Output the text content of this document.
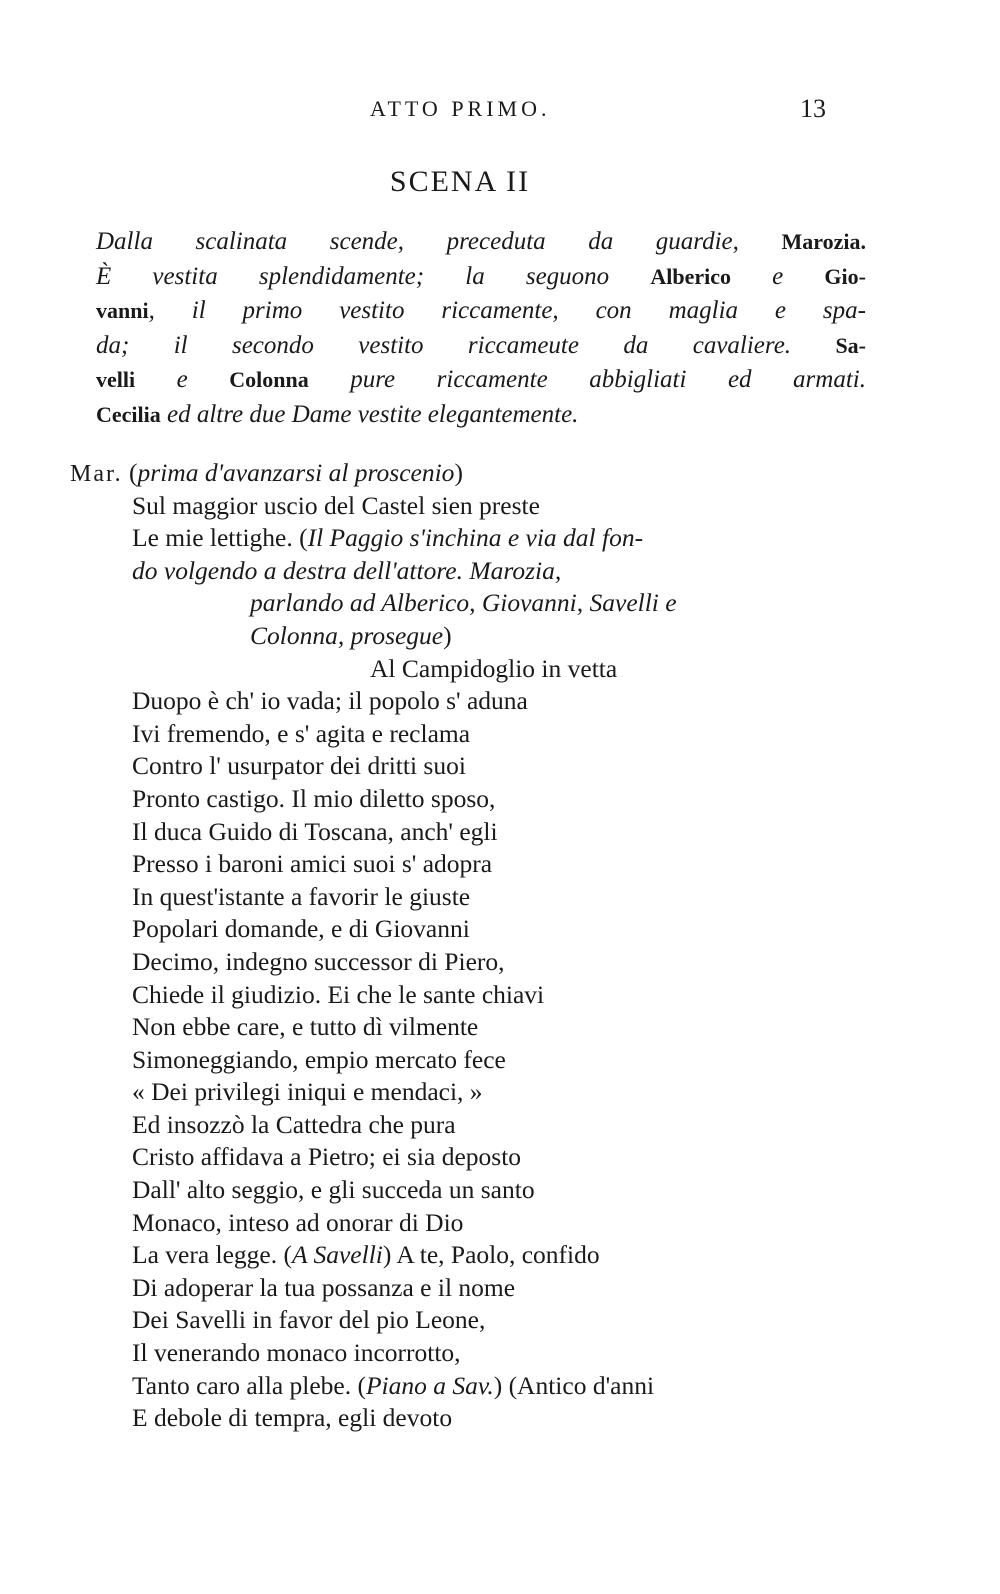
ATTO PRIMO.	13
SCENA II
Dalla scalinata scende, preceduta da guardie, Marozia.
È vestita splendidamente; la seguono Alberico e Gio-
vanni, il primo vestito riccamente, con maglia e spa-
da; il secondo vestito riccameute da cavaliere. Sa-
velli e Colonna pure riccamente abbigliati ed armati.
Cecilia ed altre due Dame vestite elegantemente.
Mar. (prima d'avanzarsi al proscenio)
Sul maggior uscio del Castel sien preste
Le mie lettighe. (Il Paggio s'inchina e via dal fon-
do volgendo a destra dell'attore. Marozia,
parlando ad Alberico, Giovanni, Savelli e
Colonna, prosegue)
Al Campidoglio in vetta
Duopo è ch' io vada; il popolo s' aduna
Ivi fremendo, e s' agita e reclama
Contro l' usurpator dei dritti suoi
Pronto castigo. Il mio diletto sposo,
Il duca Guido di Toscana, anch' egli
Presso i baroni amici suoi s' adopra
In quest'istante a favorir le giuste
Popolari domande, e di Giovanni
Decimo, indegno successor di Piero,
Chiede il giudizio. Ei che le sante chiavi
Non ebbe care, e tutto dì vilmente
Simoneggiando, empio mercato fece
« Dei privilegi iniqui e mendaci, »
Ed insozzò la Cattedra che pura
Cristo affidava a Pietro; ei sia deposto
Dall' alto seggio, e gli succeda un santo
Monaco, inteso ad onorar di Dio
La vera legge. (A Savelli) A te, Paolo, confido
Di adoperar la tua possanza e il nome
Dei Savelli in favor del pio Leone,
Il venerando monaco incorrotto,
Tanto caro alla plebe. (Piano a Sav.) (Antico d'anni
E debole di tempra, egli devoto
